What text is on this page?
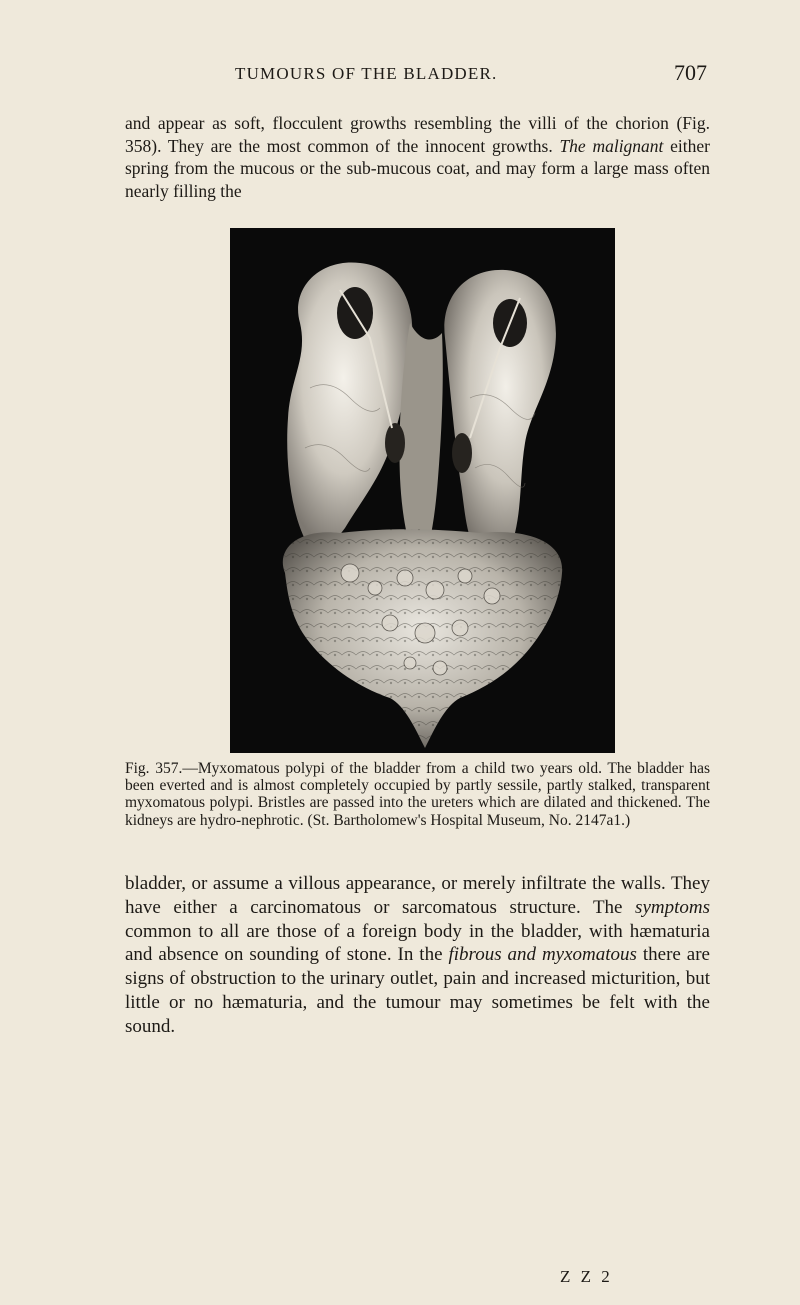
TUMOURS OF THE BLADDER.	707

and appear as soft, flocculent growths resembling the villi of the chorion (Fig. 358). They are the most common of the innocent growths. The malignant either spring from the mucous or the sub-mucous coat, and may form a large mass often nearly filling the

Fig. 357.—Myxomatous polypi of the bladder from a child two years old. The bladder has been everted and is almost completely occupied by partly sessile, partly stalked, transparent myxomatous polypi. Bristles are passed into the ureters which are dilated and thickened. The kidneys are hydro-nephrotic. (St. Bartholomew's Hospital Museum, No. 2147a1.)

bladder, or assume a villous appearance, or merely infiltrate the walls. They have either a carcinomatous or sarcomatous structure. The symptoms common to all are those of a foreign body in the bladder, with hæmaturia and absence on sounding of stone. In the fibrous and myxomatous there are signs of obstruction to the urinary outlet, pain and increased micturition, but little or no hæmaturia, and the tumour may sometimes be felt with the sound.

Z Z 2
